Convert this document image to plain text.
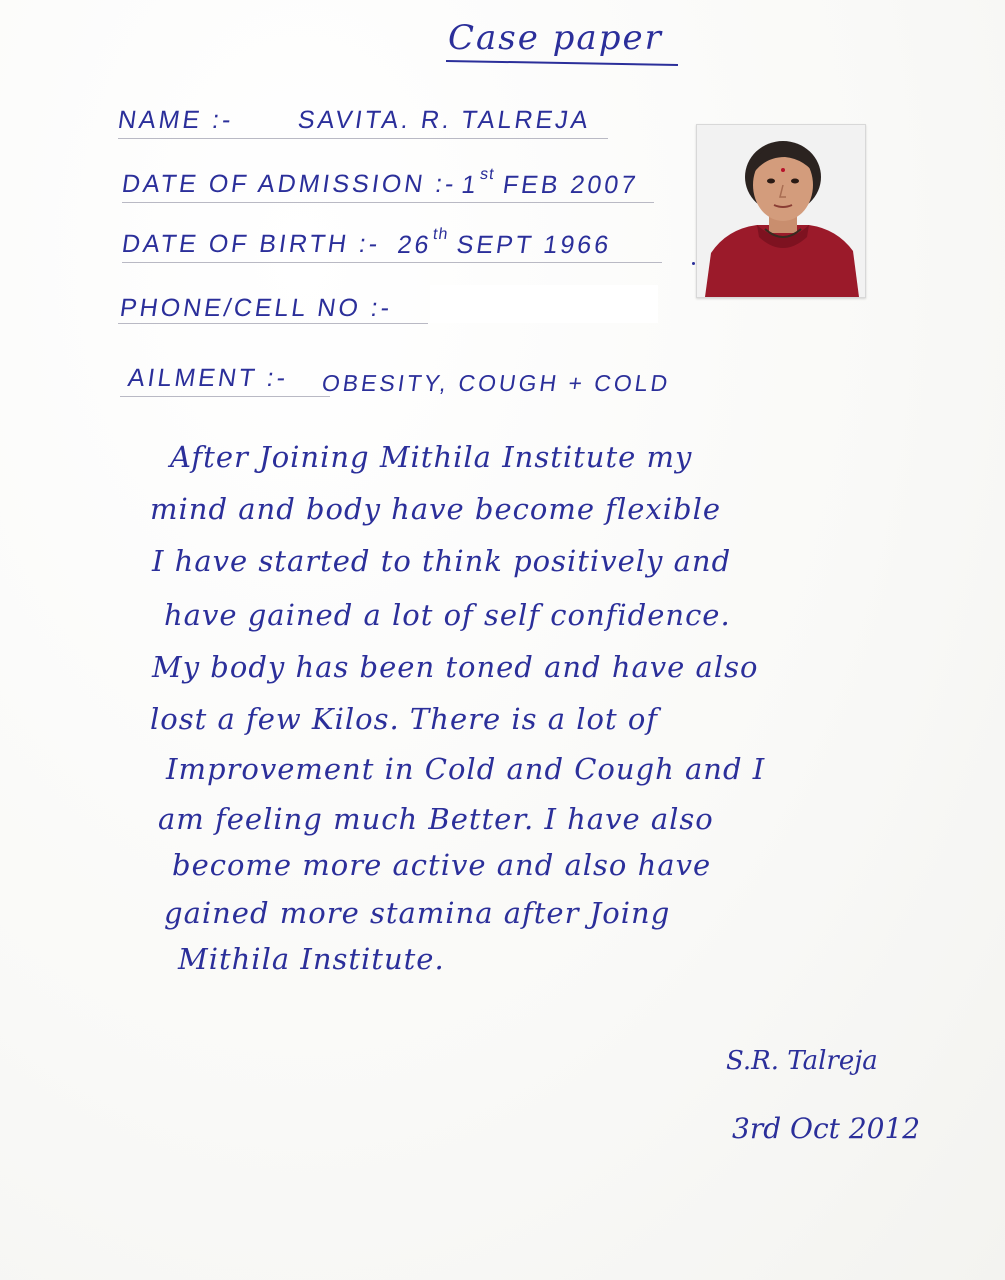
Case paper
NAME :- SAVITA. R. TALREJA
DATE OF ADMISSION :- 1st FEB 2007
DATE OF BIRTH :- 26th SEPT 1966
PHONE/CELL NO :-
AILMENT :- OBESITY, COUGH + COLD
After Joining Mithila Institute my
mind and body have become flexible
I have started to think positively and
have gained a lot of self confidence.
My body has been toned and have also
lost a few Kilos. There is a lot of
Improvement in Cold and Cough and I
am feeling much Better. I have also
become more active and also have
gained more stamina after Joing
Mithila Institute.
S.R. Talreja
3rd Oct 2012
